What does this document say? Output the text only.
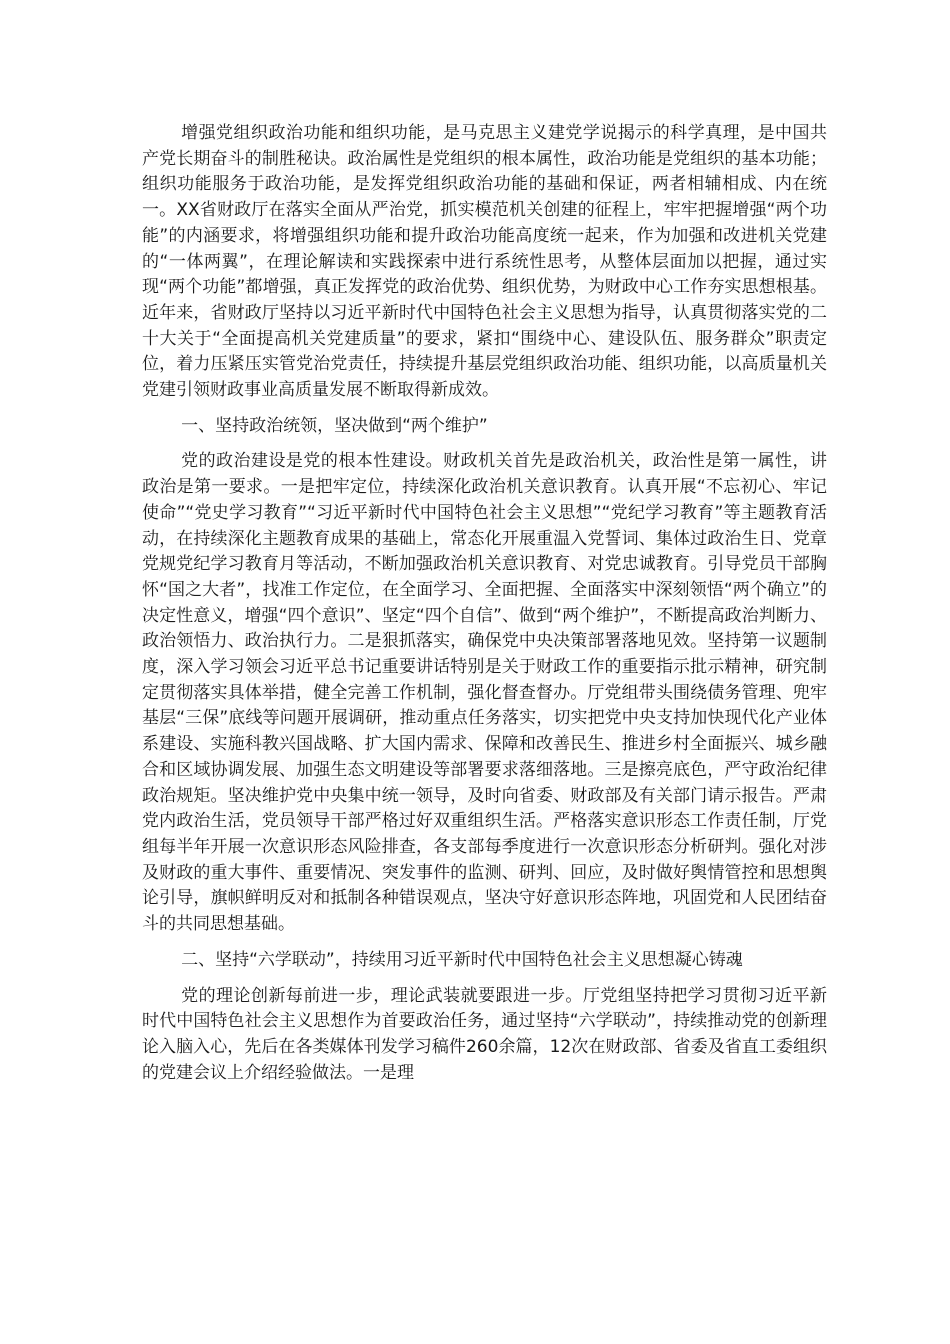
增强党组织政治功能和组织功能，是马克思主义建党学说揭示的科学真理，是中国共产党长期奋斗的制胜秘诀。政治属性是党组织的根本属性，政治功能是党组织的基本功能；组织功能服务于政治功能，是发挥党组织政治功能的基础和保证，两者相辅相成、内在统一。XX省财政厅在落实全面从严治党，抓实模范机关创建的征程上，牢牢把握增强“两个功能”的内涵要求，将增强组织功能和提升政治功能高度统一起来，作为加强和改进机关党建的“一体两翼”，在理论解读和实践探索中进行系统性思考，从整体层面加以把握，通过实现“两个功能”都增强，真正发挥党的政治优势、组织优势，为财政中心工作夯实思想根基。近年来，省财政厅坚持以习近平新时代中国特色社会主义思想为指导，认真贯彻落实党的二十大关于“全面提高机关党建质量”的要求，紧扣“围绕中心、建设队伍、服务群众”职责定位，着力压紧压实管党治党责任，持续提升基层党组织政治功能、组织功能，以高质量机关党建引领财政事业高质量发展不断取得新成效。

一、坚持政治统领，坚决做到“两个维护”

党的政治建设是党的根本性建设。财政机关首先是政治机关，政治性是第一属性，讲政治是第一要求。一是把牢定位，持续深化政治机关意识教育。认真开展“不忘初心、牢记使命”“党史学习教育”“习近平新时代中国特色社会主义思想”“党纪学习教育”等主题教育活动，在持续深化主题教育成果的基础上，常态化开展重温入党誓词、集体过政治生日、党章党规党纪学习教育月等活动，不断加强政治机关意识教育、对党忠诚教育。引导党员干部胸怀“国之大者”，找准工作定位，在全面学习、全面把握、全面落实中深刻领悟“两个确立”的决定性意义，增强“四个意识”、坚定“四个自信”、做到“两个维护”，不断提高政治判断力、政治领悟力、政治执行力。二是狠抓落实，确保党中央决策部署落地见效。坚持第一议题制度，深入学习领会习近平总书记重要讲话特别是关于财政工作的重要指示批示精神，研究制定贯彻落实具体举措，健全完善工作机制，强化督查督办。厅党组带头围绕债务管理、兜牢基层“三保”底线等问题开展调研，推动重点任务落实，切实把党中央支持加快现代化产业体系建设、实施科教兴国战略、扩大国内需求、保障和改善民生、推进乡村全面振兴、城乡融合和区域协调发展、加强生态文明建设等部署要求落细落地。三是擦亮底色，严守政治纪律政治规矩。坚决维护党中央集中统一领导，及时向省委、财政部及有关部门请示报告。严肃党内政治生活，党员领导干部严格过好双重组织生活。严格落实意识形态工作责任制，厅党组每半年开展一次意识形态风险排查，各支部每季度进行一次意识形态分析研判。强化对涉及财政的重大事件、重要情况、突发事件的监测、研判、回应，及时做好舆情管控和思想舆论引导，旗帜鲜明反对和抵制各种错误观点，坚决守好意识形态阵地，巩固党和人民团结奋斗的共同思想基础。

二、坚持“六学联动”，持续用习近平新时代中国特色社会主义思想凝心铸魂

党的理论创新每前进一步，理论武装就要跟进一步。厅党组坚持把学习贯彻习近平新时代中国特色社会主义思想作为首要政治任务，通过坚持“六学联动”，持续推动党的创新理论入脑入心，先后在各类媒体刊发学习稿件260余篇，12次在财政部、省委及省直工委组织的党建会议上介绍经验做法。一是理
